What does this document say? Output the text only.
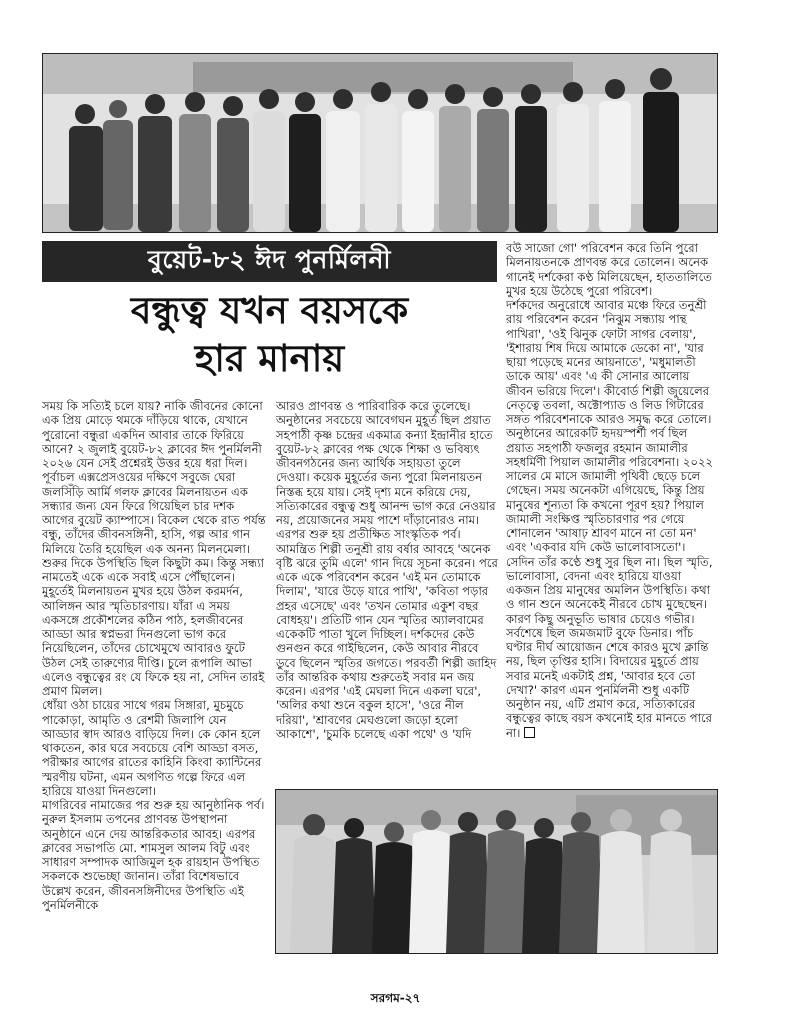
বুয়েট-৮২ ঈদ পুনর্মিলনী
বন্ধুত্ব যখন বয়সকে
হার মানায়

সময় কি সত্যিই চলে যায়? নাকি জীবনের কোনো এক প্রিয় মোড়ে থমকে দাঁড়িয়ে থাকে, যেখানে পুরোনো বন্ধুরা একদিন আবার তাকে ফিরিয়ে আনে? ২ জুলাই বুয়েট-৮২ ক্লাবের ঈদ পুনর্মিলনী ২০২৬ যেন সেই প্রশ্নেরই উত্তর হয়ে ধরা দিল। পূর্বাচল এক্সপ্রেসওয়ের দক্ষিণে সবুজে ঘেরা জলসিঁড়ি আর্মি গলফ ক্লাবের মিলনায়তন এক সন্ধ্যার জন্য যেন ফিরে গিয়েছিল চার দশক আগের বুয়েট ক্যাম্পাসে। বিকেল থেকে রাত পর্যন্ত বন্ধু, তাঁদের জীবনসঙ্গিনী, হাসি, গল্প আর গান মিলিয়ে তৈরি হয়েছিল এক অনন্য মিলনমেলা। শুরুর দিকে উপস্থিতি ছিল কিছুটা কম। কিন্তু সন্ধ্যা নামতেই একে একে সবাই এসে পৌঁছালেন। মুহূর্তেই মিলনায়তন মুখর হয়ে উঠল করমর্দন, আলিঙ্গন আর স্মৃতিচারণায়। যাঁরা এ সময় একসঙ্গে প্রকৌশলের কঠিন পাঠ, হলজীবনের আড্ডা আর স্বপ্নভরা দিনগুলো ভাগ করে নিয়েছিলেন, তাঁদের চোখেমুখে আবারও ফুটে উঠল সেই তারুণ্যের দীপ্তি। চুলে রূপালি আভা এলেও বন্ধুত্বের রং যে ফিকে হয় না, সেদিন তারই প্রমাণ মিলল।

ধোঁয়া ওঠা চায়ের সাথে গরম সিঙ্গারা, মুচমুচে পাকোড়া, আমৃতি ও রেশমী জিলাপি যেন আড্ডার স্বাদ আরও বাড়িয়ে দিল। কে কোন হলে থাকতেন, কার ঘরে সবচেয়ে বেশি আড্ডা বসত, পরীক্ষার আগের রাতের কাহিনি কিংবা ক্যান্টিনের স্মরণীয় ঘটনা, এমন অগণিত গল্পে ফিরে এল হারিয়ে যাওয়া দিনগুলো।

মাগরিবের নামাজের পর শুরু হয় আনুষ্ঠানিক পর্ব। নুরুল ইসলাম তপনের প্রাণবন্ত উপস্থাপনা অনুষ্ঠানে এনে দেয় আন্তরিকতার আবহ। এরপর ক্লাবের সভাপতি মো. শামসুল আলম বিটু এবং সাধারণ সম্পাদক আজিমুল হক রায়হান উপস্থিত সকলকে শুভেচ্ছা জানান। তাঁরা বিশেষভাবে উল্লেখ করেন, জীবনসঙ্গিনীদের উপস্থিতি এই পুনর্মিলনীকে

আরও প্রাণবন্ত ও পারিবারিক করে তুলেছে।

অনুষ্ঠানের সবচেয়ে আবেগঘন মুহূর্ত ছিল প্রয়াত সহপাঠী কৃষ্ণ চন্দ্রের একমাত্র কন্যা ইন্দ্রানীর হাতে বুয়েট-৮২ ক্লাবের পক্ষ থেকে শিক্ষা ও ভবিষ্যৎ জীবনগঠনের জন্য আর্থিক সহায়তা তুলে দেওয়া। কয়েক মুহূর্তের জন্য পুরো মিলনায়তন নিস্তব্ধ হয়ে যায়। সেই দৃশ্য মনে করিয়ে দেয়, সত্যিকারের বন্ধুত্ব শুধু আনন্দ ভাগ করে নেওয়ার নয়, প্রয়োজনের সময় পাশে দাঁড়ানোরও নাম।

এরপর শুরু হয় প্রতীক্ষিত সাংস্কৃতিক পর্ব। আমন্ত্রিত শিল্পী তনুশ্রী রায় বর্ষার আবহে 'অনেক বৃষ্টি ঝরে তুমি এলে' গান দিয়ে সূচনা করেন। পরে একে একে পরিবেশন করেন 'এই মন তোমাকে দিলাম', 'যারে উড়ে যারে পাখি', 'কবিতা পড়ার প্রহর এসেছে' এবং 'তখন তোমার একুশ বছর বোধহয়'। প্রতিটি গান যেন স্মৃতির অ্যালবামের একেকটি পাতা খুলে দিচ্ছিল। দর্শকদের কেউ গুনগুন করে গাইছিলেন, কেউ আবার নীরবে ডুবে ছিলেন স্মৃতির জগতে। পরবর্তী শিল্পী জাহিদ তাঁর আন্তরিক কথায় শুরুতেই সবার মন জয় করেন। এরপর 'এই মেঘলা দিনে একলা ঘরে', 'অলির কথা শুনে বকুল হাসে', 'ওরে নীল দরিয়া', 'শ্রাবণের মেঘগুলো জড়ো হলো আকাশে', 'চুমকি চলেছে একা পথে' ও 'যদি

বউ সাজো গো' পরিবেশন করে তিনি পুরো মিলনায়তনকে প্রাণবন্ত করে তোলেন। অনেক গানেই দর্শকেরা কণ্ঠ মিলিয়েছেন, হাততালিতে মুখর হয়ে উঠেছে পুরো পরিবেশ।

দর্শকদের অনুরোধে আবার মঞ্চে ফিরে তনুশ্রী রায় পরিবেশন করেন 'নিঝুম সন্ধ্যায় পান্থ পাখিরা', 'ওই ঝিনুক ফোটা সাগর বেলায়', 'ইশারায় শিষ দিয়ে আমাকে ডেকো না', 'যার ছায়া পড়েছে মনের আয়নাতে', 'মধুমালতী ডাকে আয়' এবং 'এ কী সোনার আলোয় জীবন ভরিয়ে দিলে'। কীবোর্ড শিল্পী জুয়েলের নেতৃত্বে তবলা, অক্টোপ্যাড ও লিড গিটারের সঙ্গত পরিবেশনাকে আরও সমৃদ্ধ করে তোলে।

অনুষ্ঠানের আরেকটি হৃদয়স্পর্শী পর্ব ছিল প্রয়াত সহপাঠী ফজলুর রহমান জামালীর সহধর্মিণী পিয়াল জামালীর পরিবেশনা। ২০২২ সালের মে মাসে জামালী পৃথিবী ছেড়ে চলে গেছেন। সময় অনেকটা এগিয়েছে, কিন্তু প্রিয় মানুষের শূন্যতা কি কখনো পূরণ হয়? পিয়াল জামালী সংক্ষিপ্ত স্মৃতিচারণার পর গেয়ে শোনালেন 'আষাঢ় শ্রাবণ মানে না তো মন' এবং 'একবার যদি কেউ ভালোবাসতো'। সেদিন তাঁর কণ্ঠে শুধু সুর ছিল না। ছিল স্মৃতি, ভালোবাসা, বেদনা এবং হারিয়ে যাওয়া একজন প্রিয় মানুষের অমলিন উপস্থিতি। কথা ও গান শুনে অনেকেই নীরবে চোখ মুছেছেন। কারণ কিছু অনুভূতি ভাষার চেয়েও গভীর।

সর্বশেষে ছিল জমজমাট বুফে ডিনার। পাঁচ ঘণ্টার দীর্ঘ আয়োজন শেষে কারও মুখে ক্লান্তি নয়, ছিল তৃপ্তির হাসি। বিদায়ের মুহূর্তে প্রায় সবার মনেই একটাই প্রশ্ন, 'আবার হবে তো দেখা?' কারণ এমন পুনর্মিলনী শুধু একটি অনুষ্ঠান নয়, এটি প্রমাণ করে, সত্যিকারের বন্ধুত্বের কাছে বয়স কখনোই হার মানতে পারে না।

সরগম-২৭
